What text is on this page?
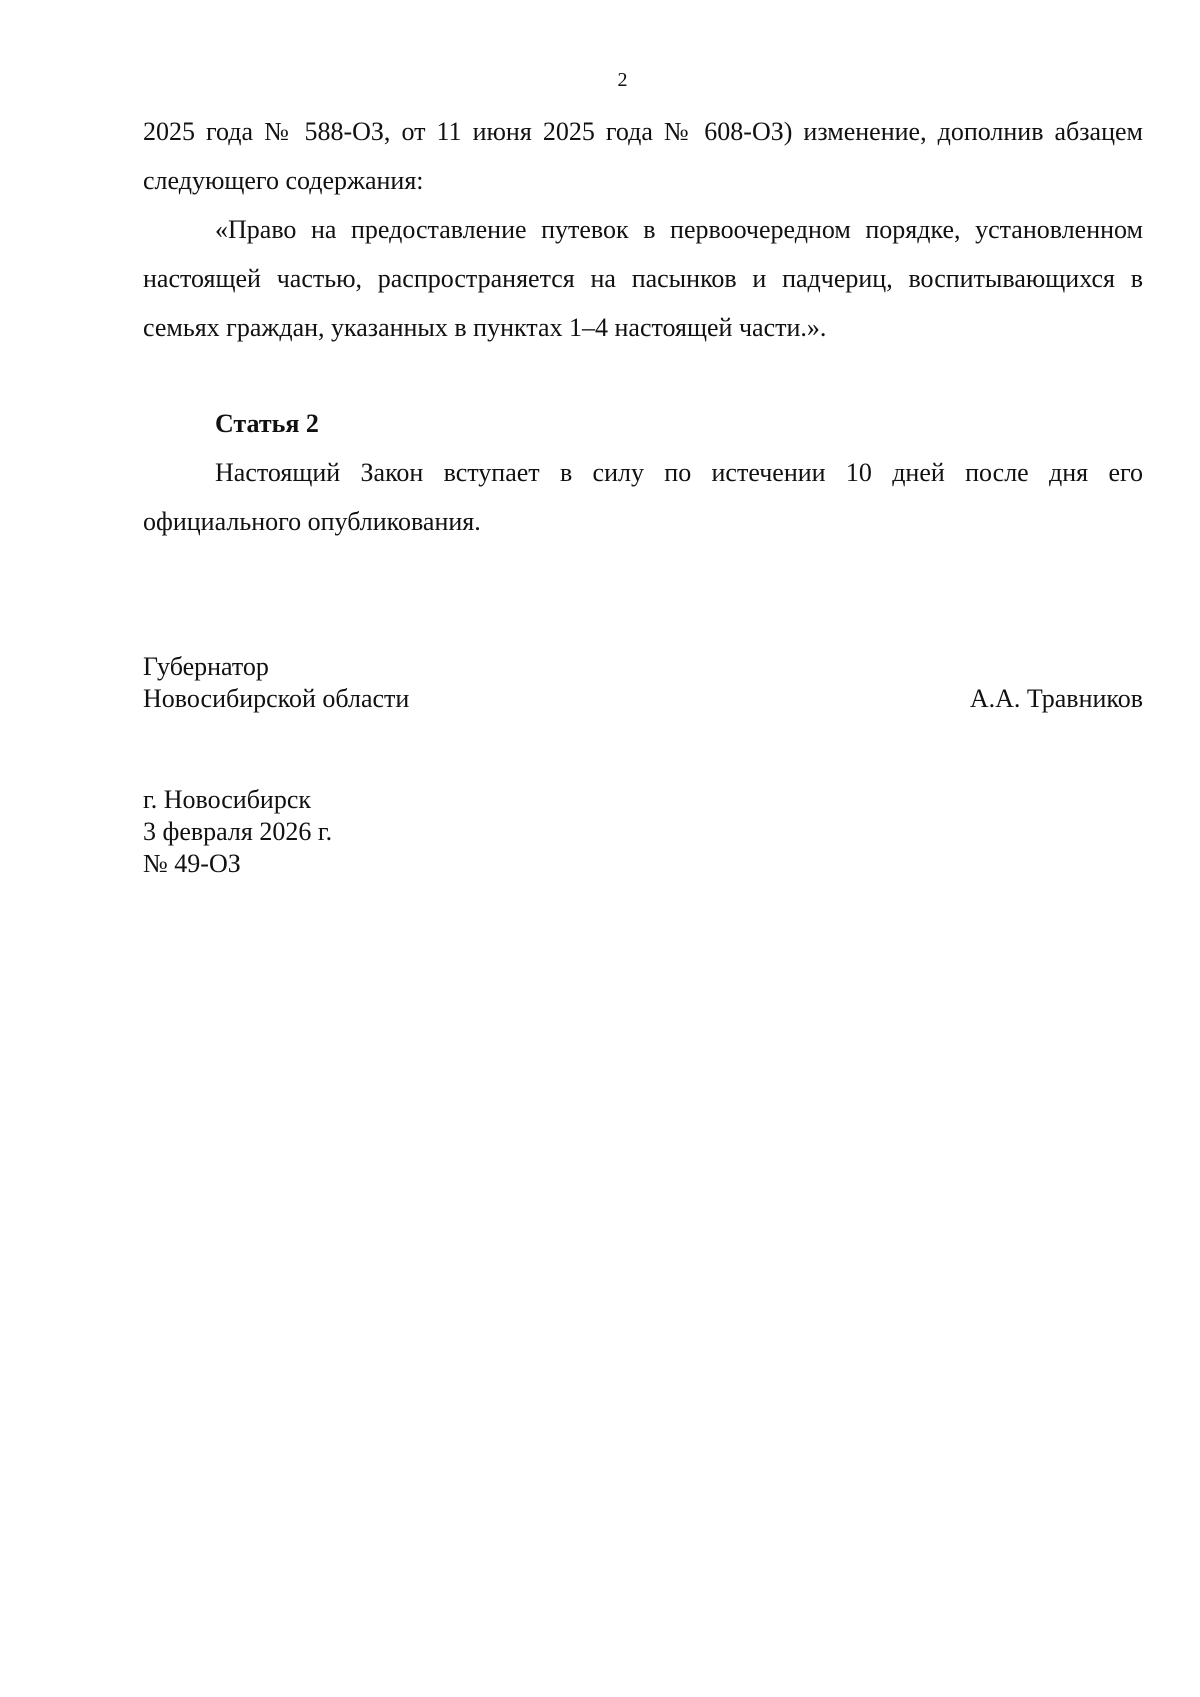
2

2025 года № 588-ОЗ, от 11 июня 2025 года № 608-ОЗ) изменение, дополнив абзацем следующего содержания:

«Право на предоставление путевок в первоочередном порядке, установленном настоящей частью, распространяется на пасынков и падчериц, воспитывающихся в семьях граждан, указанных в пунктах 1–4 настоящей части.».

Статья 2

Настоящий Закон вступает в силу по истечении 10 дней после дня его официального опубликования.

Губернатор
Новосибирской области	А.А. Травников
г. Новосибирск
3 февраля 2026 г.
№ 49-ОЗ
